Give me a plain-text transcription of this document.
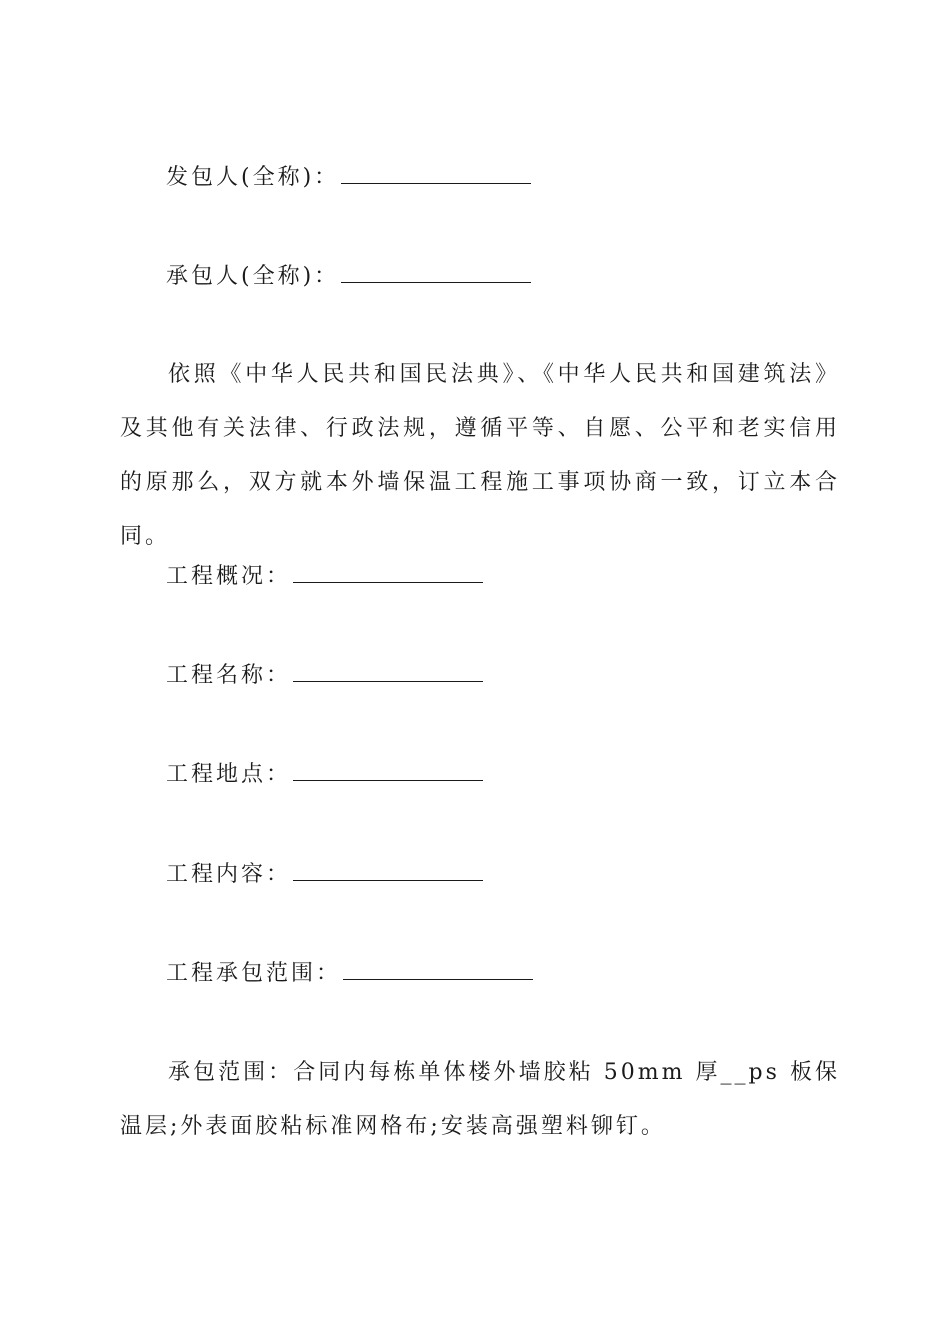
发包人(全称)：
承包人(全称)：
依照《中华人民共和国民法典》、《中华人民共和国建筑法》及其他有关法律、行政法规，遵循平等、自愿、公平和老实信用的原那么，双方就本外墙保温工程施工事项协商一致，订立本合同。
工程概况：
工程名称：
工程地点：
工程内容：
工程承包范围：
承包范围：合同内每栋单体楼外墙胶粘 50mm 厚__ps 板保温层;外表面胶粘标准网格布;安装高强塑料铆钉。
